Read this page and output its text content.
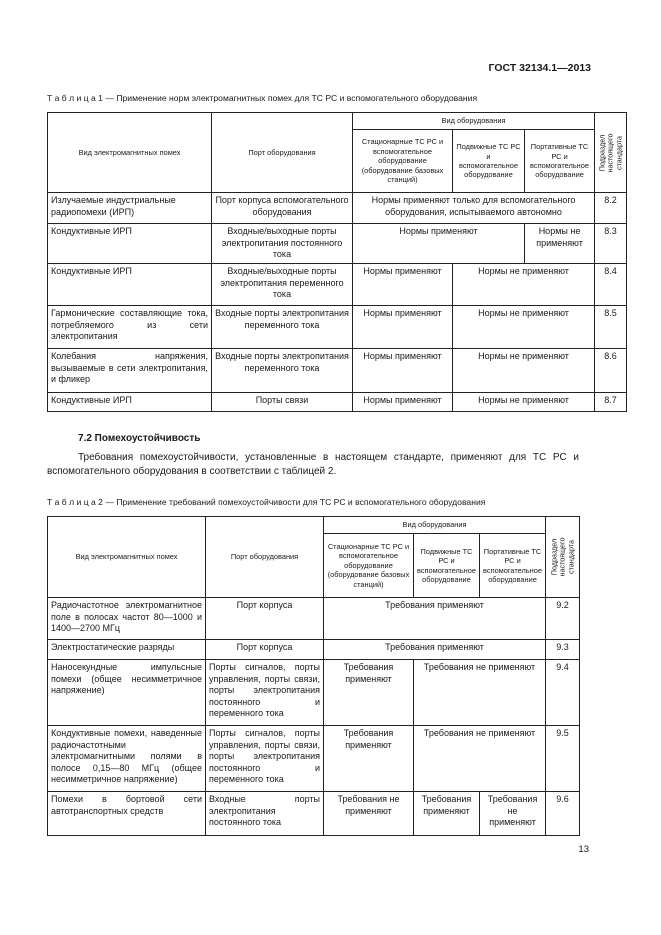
ГОСТ 32134.1—2013
Т а б л и ц а 1 — Применение норм электромагнитных помех для ТС РС и вспомогательного оборудования
Вид электромагнитных помех	Порт оборудования	Вид оборудования			Подраздел настоящего стандарта

		Стационарные ТС РС и вспомогательное оборудование (оборудование базовых станций)	Подвижные ТС РС и вспомогательное оборудование	Портативные ТС РС и вспомогательное оборудование	
Излучаемые индустриальные радиопомехи (ИРП)	Порт корпуса вспомогательного оборудования	Нормы применяют только для вспомогательного оборудования, испытываемого автономно			8.2
Кондуктивные ИРП	Входные/выходные порты электропитания постоянного тока	Нормы применяют		Нормы не применяют	8.3
Кондуктивные ИРП	Входные/выходные порты электропитания переменного тока	Нормы применяют	Нормы не применяют		8.4
Гармонические составляющие тока, потребляемого из сети электропитания	Входные порты электропитания переменного тока	Нормы применяют	Нормы не применяют		8.5
Колебания напряжения, вызываемые в сети электропитания, и фликер	Входные порты электропитания переменного тока	Нормы применяют	Нормы не применяют		8.6
Кондуктивные ИРП	Порты связи	Нормы применяют	Нормы не применяют		8.7
7.2 Помехоустойчивость
Требования помехоустойчивости, установленные в настоящем стандарте, применяют для ТС РС и вспомогательного оборудования в соответствии с таблицей 2.
Т а б л и ц а 2 — Применение требований помехоустойчивости для ТС РС и вспомогательного оборудования
Вид электромагнитных помех	Порт оборудования	Вид оборудования			Подраздел настоящего стандарта

		Стационарные ТС РС и вспомогательное оборудование (оборудование базовых станций)	Подвижные ТС РС и вспомогательное оборудование	Портативные ТС РС и вспомогательное оборудование	
Радиочастотное электромагнитное поле в полосах частот 80—1000 и 1400—2700 МГц	Порт корпуса	Требования применяют			9.2
Электростатические разряды	Порт корпуса	Требования применяют			9.3
Наносекундные импульсные помехи (общее несимметричное напряжение)	Порты сигналов, порты управления, порты связи, порты электропитания постоянного и переменного тока	Требования применяют	Требования не применяют		9.4
Кондуктивные помехи, наведенные радиочастотными электромагнитными полями в полосе 0,15—80 МГц (общее несимметричное напряжение)	Порты сигналов, порты управления, порты связи, порты электропитания постоянного и переменного тока	Требования применяют	Требования не применяют		9.5
Помехи в бортовой сети автотранспортных средств	Входные порты электропитания постоянного тока	Требования не применяют	Требования применяют	Требования не применяют	9.6
13
